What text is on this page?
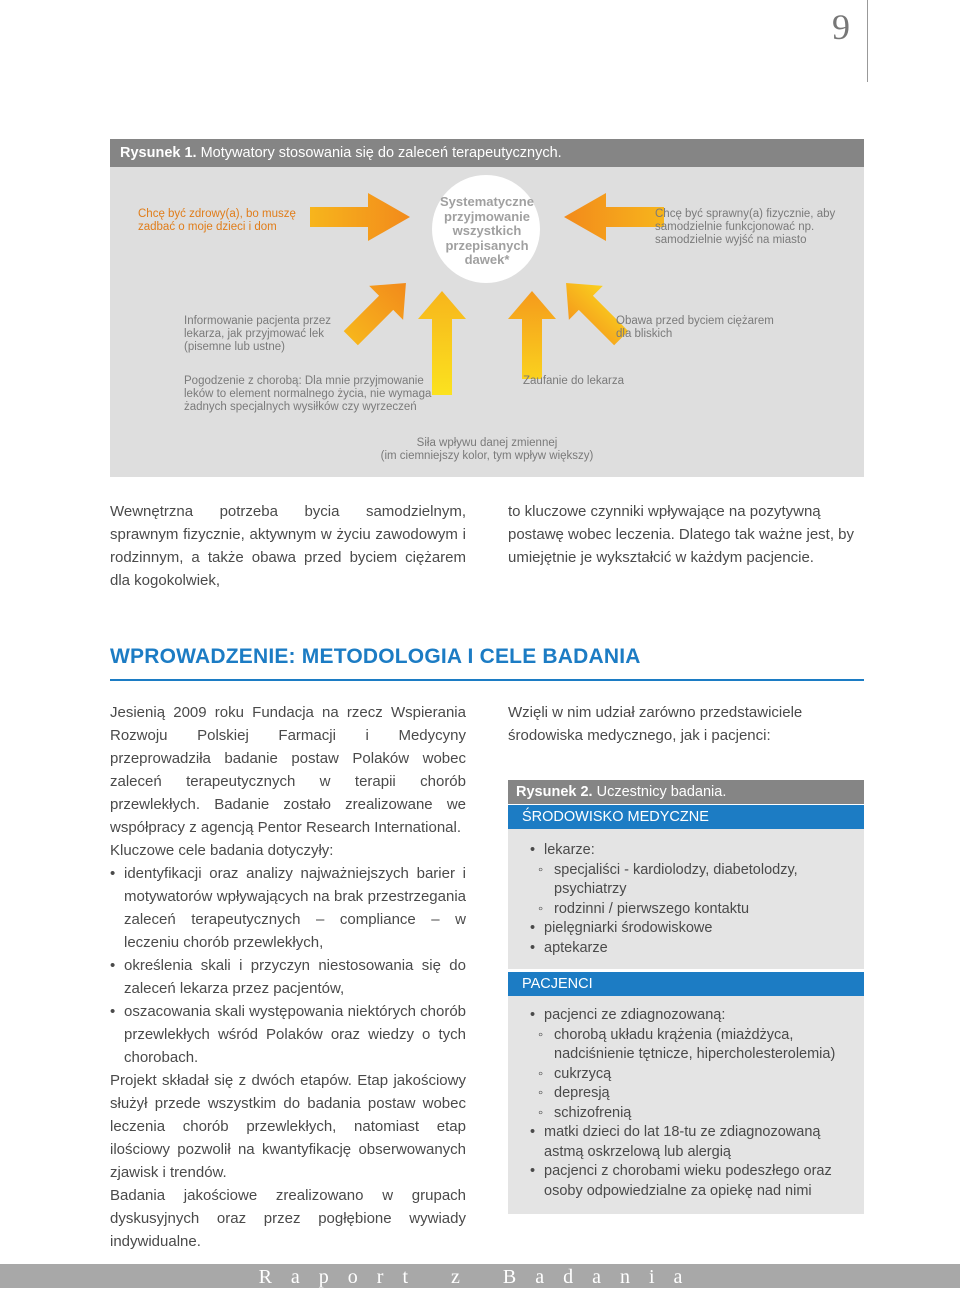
9
Rysunek 1. Motywatory stosowania się do zaleceń terapeutycznych.
Systematyczne
przyjmowanie
wszystkich
przepisanych
dawek*
Chcę być zdrowy(a), bo muszę
zadbać o moje dzieci i dom
Chcę być sprawny(a) fizycznie, aby
samodzielnie funkcjonować np.
samodzielnie wyjść na miasto
Informowanie pacjenta przez
lekarza, jak przyjmować lek
(pisemne lub ustne)
Obawa przed byciem ciężarem
dla bliskich
Pogodzenie z chorobą: Dla mnie przyjmowanie
leków to element normalnego życia, nie wymaga
żadnych specjalnych wysiłków czy wyrzeczeń
Zaufanie do lekarza
Siła wpływu danej zmiennej
(im ciemniejszy kolor, tym wpływ większy)
Wewnętrzna potrzeba bycia samodzielnym, sprawnym fizycznie, aktywnym w życiu zawodowym i rodzinnym, a także obawa przed byciem ciężarem dla kogokolwiek,
to kluczowe czynniki wpływające na pozytywną postawę wobec leczenia. Dlatego tak ważne jest, by umiejętnie je wykształcić w każdym pacjencie.
WPROWADZENIE: METODOLOGIA I CELE BADANIA
Jesienią 2009 roku Fundacja na rzecz Wspierania Rozwoju Polskiej Farmacji i Medycyny przeprowadziła badanie postaw Polaków wobec zaleceń terapeutycznych w terapii chorób przewlekłych. Badanie zostało zrealizowane we współpracy z agencją Pentor Research International.
Kluczowe cele badania dotyczyły:
• identyfikacji oraz analizy najważniejszych barier i motywatorów wpływających na brak przestrzegania zaleceń terapeutycznych – compliance – w leczeniu chorób przewlekłych,
• określenia skali i przyczyn niestosowania się do zaleceń lekarza przez pacjentów,
• oszacowania skali występowania niektórych chorób przewlekłych wśród Polaków oraz wiedzy o tych chorobach.
Projekt składał się z dwóch etapów. Etap jakościowy służył przede wszystkim do badania postaw wobec leczenia chorób przewlekłych, natomiast etap ilościowy pozwolił na kwantyfikację obserwowanych zjawisk i trendów.
Badania jakościowe zrealizowano w grupach dyskusyjnych oraz przez pogłębione wywiady indywidualne.
Wzięli w nim udział zarówno przedstawiciele środowiska medycznego, jak i pacjenci:
Rysunek 2. Uczestnicy badania.
ŚRODOWISKO MEDYCZNE
• lekarze:
◦ specjaliści - kardiolodzy, diabetolodzy, psychiatrzy
◦ rodzinni / pierwszego kontaktu
• pielęgniarki środowiskowe
• aptekarze
PACJENCI
• pacjenci ze zdiagnozowaną:
◦ chorobą układu krążenia (miażdżyca, nadciśnienie tętnicze, hipercholesterolemia)
◦ cukrzycą
◦ depresją
◦ schizofrenią
• matki dzieci do lat 18-tu ze zdiagnozowaną astmą oskrzelową lub alergią
• pacjenci z chorobami wieku podeszłego oraz osoby odpowiedzialne za opiekę nad nimi
Raport z Badania
